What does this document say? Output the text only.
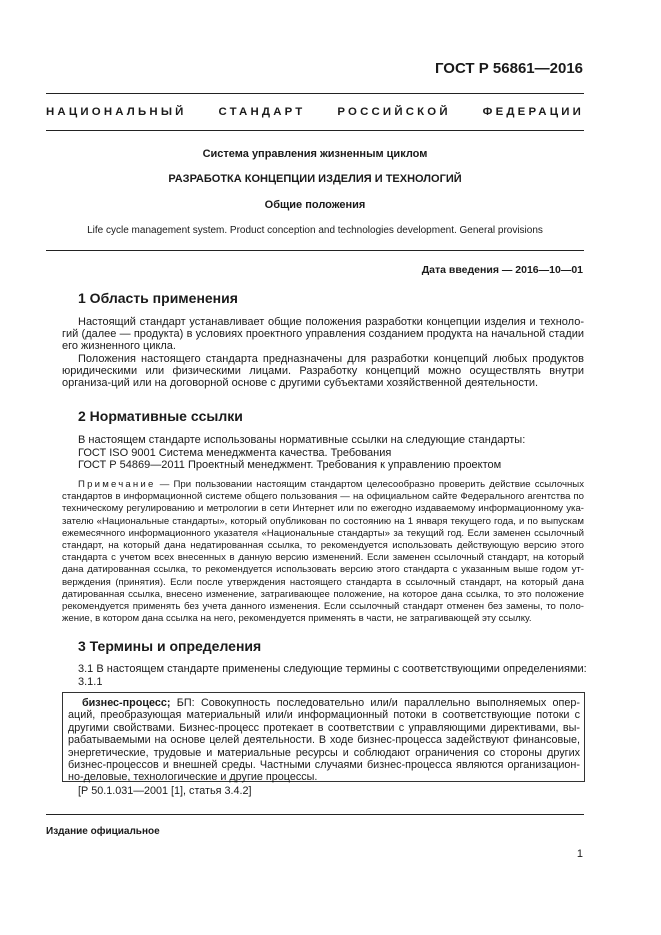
ГОСТ Р 56861—2016
НАЦИОНАЛЬНЫЙ СТАНДАРТ РОССИЙСКОЙ ФЕДЕРАЦИИ
Система управления жизненным циклом
РАЗРАБОТКА КОНЦЕПЦИИ ИЗДЕЛИЯ И ТЕХНОЛОГИЙ
Общие положения
Life cycle management system. Product conception and technologies development. General provisions
Дата введения — 2016—10—01
1 Область применения
Настоящий стандарт устанавливает общие положения разработки концепции изделия и техноло-гий (далее — продукта) в условиях проектного управления созданием продукта на начальной стадии его жизненного цикла.
Положения настоящего стандарта предназначены для разработки концепций любых продуктов юридическими или физическими лицами. Разработку концепций можно осуществлять внутри организа-ций или на договорной основе с другими субъектами хозяйственной деятельности.
2 Нормативные ссылки
В настоящем стандарте использованы нормативные ссылки на следующие стандарты:
ГОСТ ISO 9001 Система менеджмента качества. Требования
ГОСТ Р 54869—2011 Проектный менеджмент. Требования к управлению проектом
Примечание — При пользовании настоящим стандартом целесообразно проверить действие ссылочных стандартов в информационной системе общего пользования — на официальном сайте Федерального агентства по техническому регулированию и метрологии в сети Интернет или по ежегодно издаваемому информационному ука-зателю «Национальные стандарты», который опубликован по состоянию на 1 января текущего года, и по выпускам ежемесячного информационного указателя «Национальные стандарты» за текущий год. Если заменен ссылочный стандарт, на который дана недатированная ссылка, то рекомендуется использовать действующую версию этого стандарта с учетом всех внесенных в данную версию изменений. Если заменен ссылочный стандарт, на который дана датированная ссылка, то рекомендуется использовать версию этого стандарта с указанным выше годом ут-верждения (принятия). Если после утверждения настоящего стандарта в ссылочный стандарт, на который дана датированная ссылка, внесено изменение, затрагивающее положение, на которое дана ссылка, то это положение рекомендуется применять без учета данного изменения. Если ссылочный стандарт отменен без замены, то поло-жение, в котором дана ссылка на него, рекомендуется применять в части, не затрагивающей эту ссылку.
3 Термины и определения
3.1 В настоящем стандарте применены следующие термины с соответствующими определениями:
3.1.1
бизнес-процесс; БП: Совокупность последовательно или/и параллельно выполняемых опер-аций, преобразующая материальный или/и информационный потоки в соответствующие потоки с другими свойствами. Бизнес-процесс протекает в соответствии с управляющими директивами, вы-рабатываемыми на основе целей деятельности. В ходе бизнес-процесса задействуют финансовые, энергетические, трудовые и материальные ресурсы и соблюдают ограничения со стороны других бизнес-процессов и внешней среды. Частными случаями бизнес-процесса являются организацион-но-деловые, технологические и другие процессы.
[Р 50.1.031—2001 [1], статья 3.4.2]
Издание официальное
1
